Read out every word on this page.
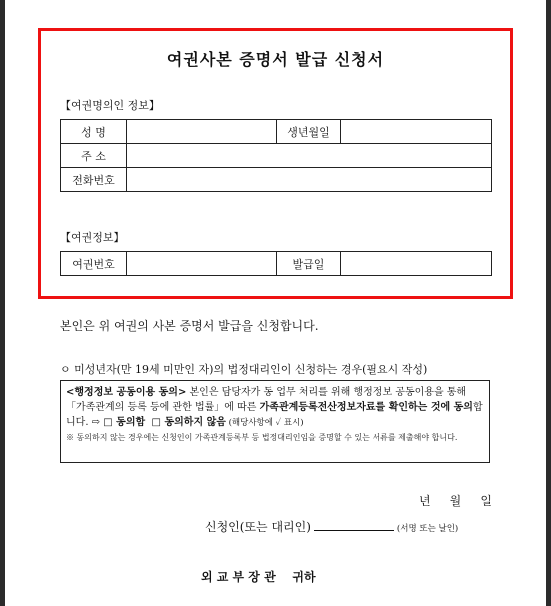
여권사본 증명서 발급 신청서
【여권명의인 정보】
성 명		생년월일	
주 소			
전화번호			
【여권정보】
여권번호		발급일	
본인은 위 여권의 사본 증명서 발급을 신청합니다.
ㅇ 미성년자(만 19세 미만인 자)의 법정대리인이 신청하는 경우(필요시 작성)
<행정정보 공동이용 동의> 본인은 담당자가 동 업무 처리를 위해 행정정보 공동이용을 통해 「가족관계의 등록 등에 관한 법률」에 따른 가족관계등록전산정보자료를 확인하는 것에 동의합니다. ⇨ □ 동의함 □ 동의하지 않음 (해당사항에 ✓ 표시)
※ 동의하지 않는 경우에는 신청인이 가족관계등록부 등 법정대리인임을 증명할 수 있는 서류를 제출해야 합니다.
년     월     일
신청인(또는 대리인)	(서명 또는 날인)
외 교 부 장 관    귀하
